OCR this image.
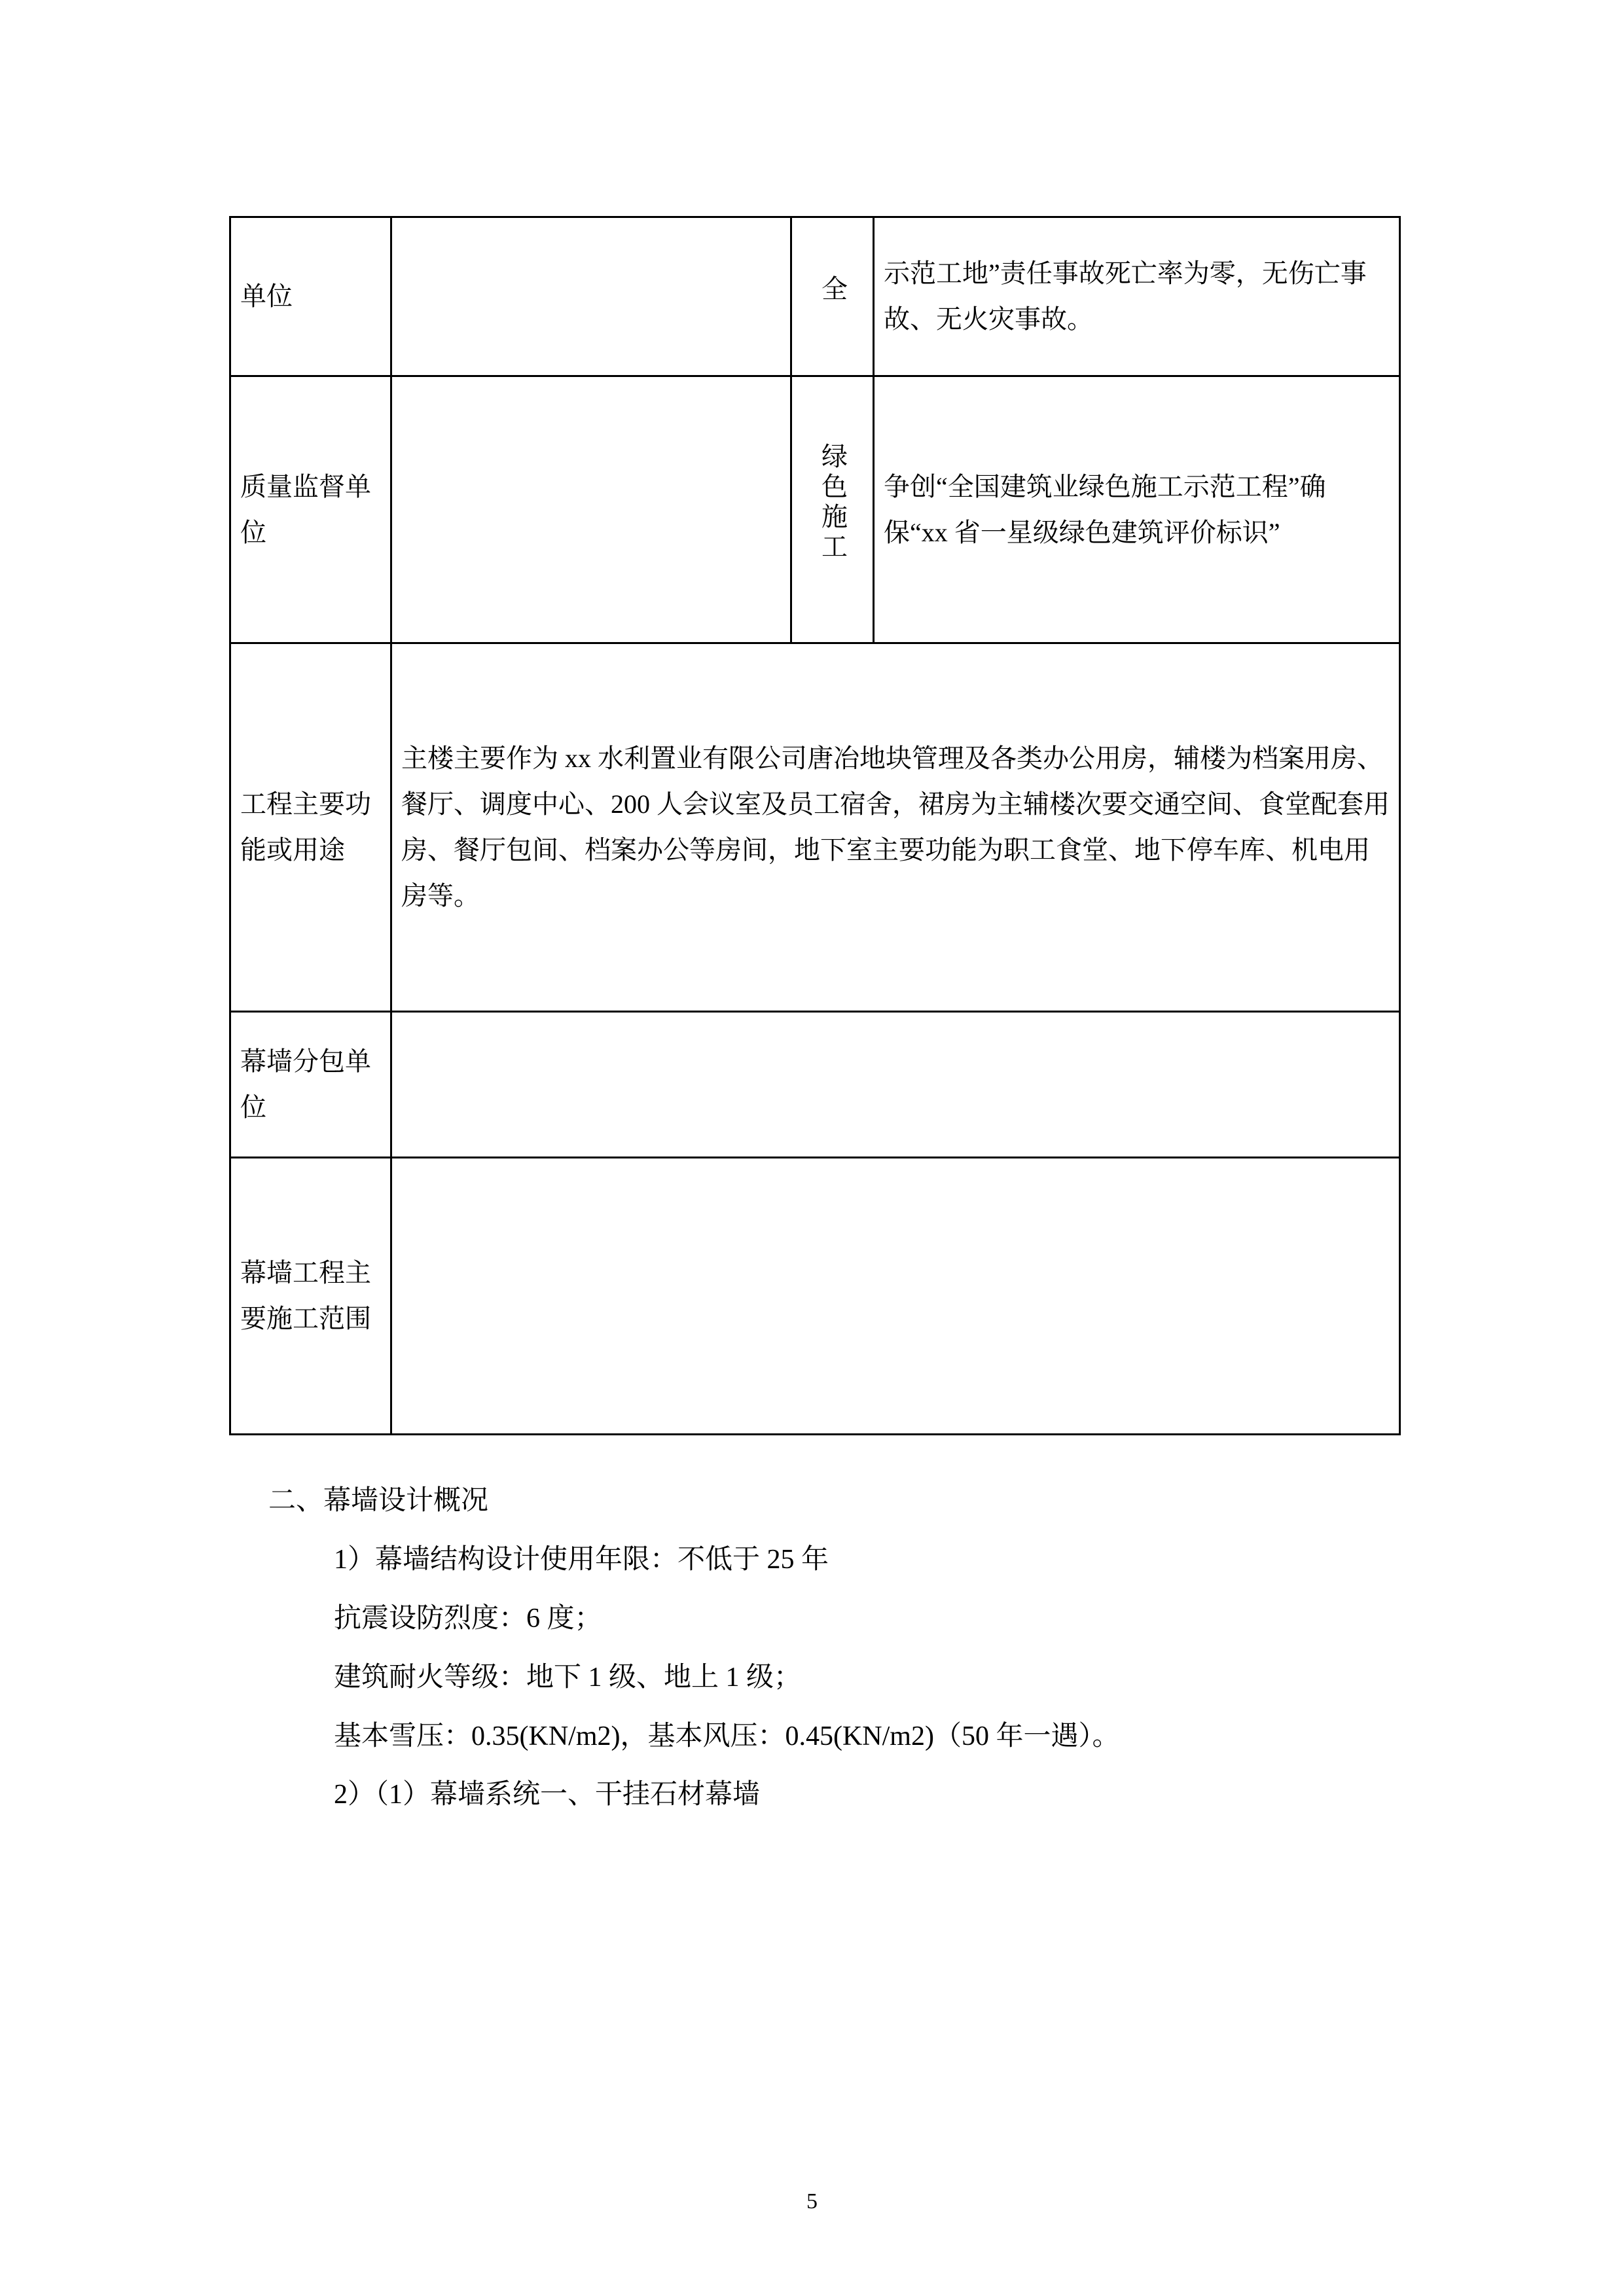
单位		全	示范工地”责任事故死亡率为零，无伤亡事故、无火灾事故。
质量监督单位		绿色施工	争创“全国建筑业绿色施工示范工程”确保“xx 省一星级绿色建筑评价标识”
工程主要功能或用途	主楼主要作为 xx 水利置业有限公司唐冶地块管理及各类办公用房，辅楼为档案用房、餐厅、调度中心、200 人会议室及员工宿舍，裙房为主辅楼次要交通空间、食堂配套用房、餐厅包间、档案办公等房间，地下室主要功能为职工食堂、地下停车库、机电用房等。		
幕墙分包单位			
幕墙工程主要施工范围			
二、幕墙设计概况
1）幕墙结构设计使用年限：不低于 25 年
抗震设防烈度：6 度；
建筑耐火等级：地下 1 级、地上 1 级；
基本雪压：0.35(KN/m2)，基本风压：0.45(KN/m2)（50 年一遇）。
2）（1）幕墙系统一、干挂石材幕墙
5
